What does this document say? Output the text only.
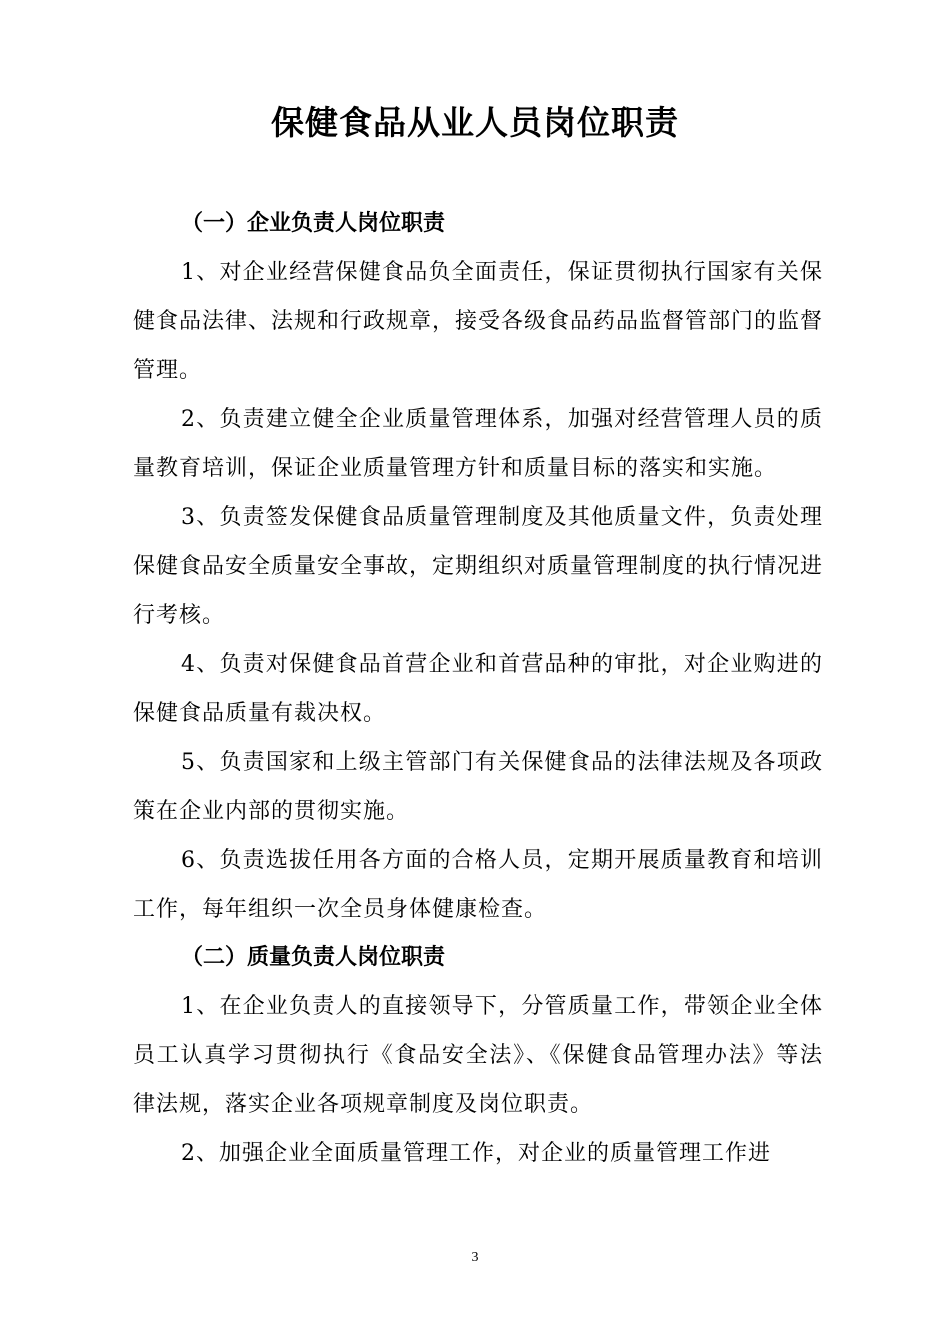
保健食品从业人员岗位职责

（一）企业负责人岗位职责

1、对企业经营保健食品负全面责任，保证贯彻执行国家有关保健食品法律、法规和行政规章，接受各级食品药品监督管部门的监督管理。

2、负责建立健全企业质量管理体系，加强对经营管理人员的质量教育培训，保证企业质量管理方针和质量目标的落实和实施。

3、负责签发保健食品质量管理制度及其他质量文件，负责处理保健食品安全质量安全事故，定期组织对质量管理制度的执行情况进行考核。

4、负责对保健食品首营企业和首营品种的审批，对企业购进的保健食品质量有裁决权。

5、负责国家和上级主管部门有关保健食品的法律法规及各项政策在企业内部的贯彻实施。

6、负责选拔任用各方面的合格人员，定期开展质量教育和培训工作，每年组织一次全员身体健康检查。

（二）质量负责人岗位职责

1、在企业负责人的直接领导下，分管质量工作，带领企业全体员工认真学习贯彻执行《食品安全法》、《保健食品管理办法》等法律法规，落实企业各项规章制度及岗位职责。

2、加强企业全面质量管理工作，对企业的质量管理工作进

3
